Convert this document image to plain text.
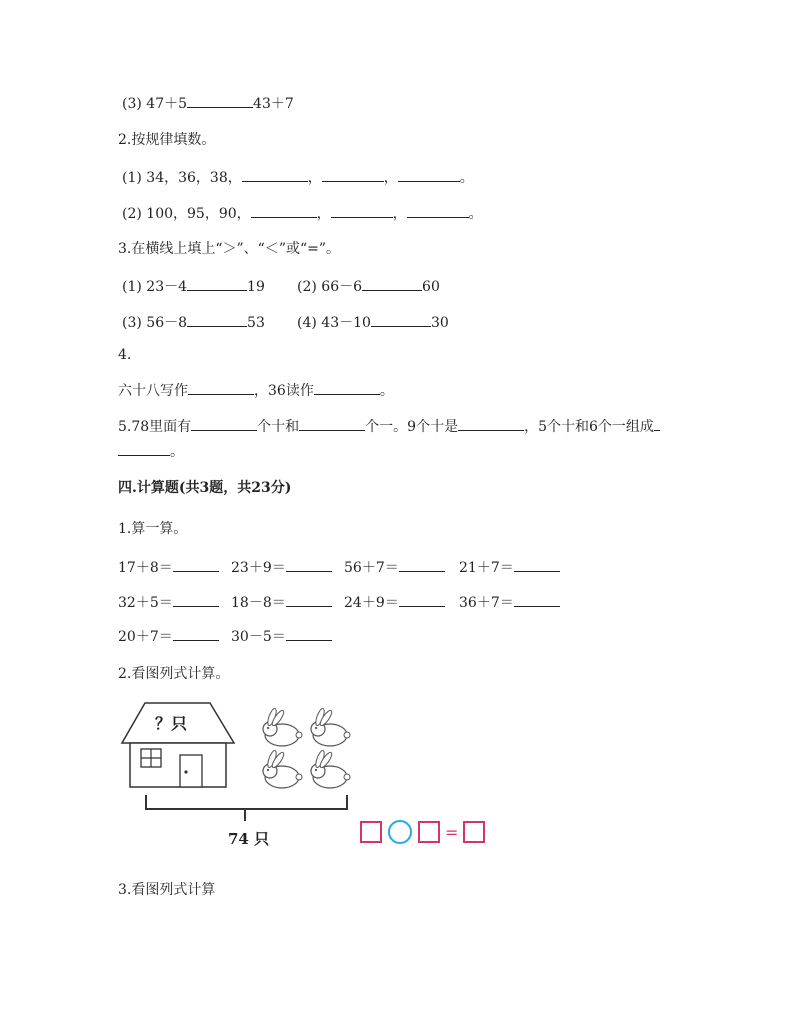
(3) 47＋5	43＋7
2.按规律填数。
(1) 34，36，38，	，	，	。
(2) 100，95，90，	，	，	。
3.在横线上填上“＞”、“＜”或“=”。
(1) 23－4	19 (2) 66－6	60
(3) 56－8	53 (4) 43－10	30
4.
六十八写作	，36读作	。
5.78里面有	个十和	个一。9个十是	，5个十和6个一组成
。
四.计算题(共3题，共23分)
1.算一算。
17＋8＝	23＋9＝	56＋7＝	21＋7＝
32＋5＝	18－8＝	24＋9＝	36＋7＝
20＋7＝	30－5＝
2.看图列式计算。
？只
74 只	=
3.看图列式计算
